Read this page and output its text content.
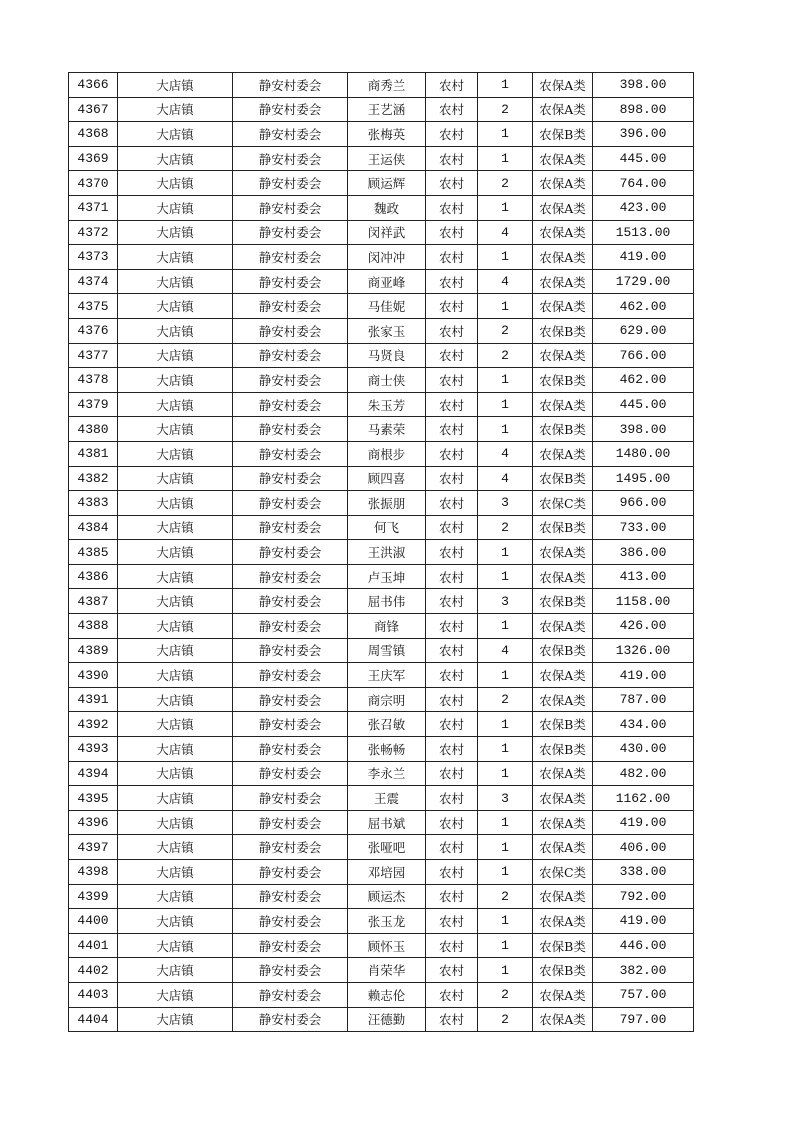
4366	大店镇	静安村委会	商秀兰	农村	1	农保A类	398.00
4367	大店镇	静安村委会	王艺涵	农村	2	农保A类	898.00
4368	大店镇	静安村委会	张梅英	农村	1	农保B类	396.00
4369	大店镇	静安村委会	王运侠	农村	1	农保A类	445.00
4370	大店镇	静安村委会	顾运辉	农村	2	农保A类	764.00
4371	大店镇	静安村委会	魏政	农村	1	农保A类	423.00
4372	大店镇	静安村委会	闵祥武	农村	4	农保A类	1513.00
4373	大店镇	静安村委会	闵冲冲	农村	1	农保A类	419.00
4374	大店镇	静安村委会	商亚峰	农村	4	农保A类	1729.00
4375	大店镇	静安村委会	马佳妮	农村	1	农保A类	462.00
4376	大店镇	静安村委会	张家玉	农村	2	农保B类	629.00
4377	大店镇	静安村委会	马贤良	农村	2	农保A类	766.00
4378	大店镇	静安村委会	商士侠	农村	1	农保B类	462.00
4379	大店镇	静安村委会	朱玉芳	农村	1	农保A类	445.00
4380	大店镇	静安村委会	马素荣	农村	1	农保B类	398.00
4381	大店镇	静安村委会	商根步	农村	4	农保A类	1480.00
4382	大店镇	静安村委会	顾四喜	农村	4	农保B类	1495.00
4383	大店镇	静安村委会	张振朋	农村	3	农保C类	966.00
4384	大店镇	静安村委会	何飞	农村	2	农保B类	733.00
4385	大店镇	静安村委会	王洪淑	农村	1	农保A类	386.00
4386	大店镇	静安村委会	卢玉坤	农村	1	农保A类	413.00
4387	大店镇	静安村委会	屈书伟	农村	3	农保B类	1158.00
4388	大店镇	静安村委会	商锋	农村	1	农保A类	426.00
4389	大店镇	静安村委会	周雪镇	农村	4	农保B类	1326.00
4390	大店镇	静安村委会	王庆军	农村	1	农保A类	419.00
4391	大店镇	静安村委会	商宗明	农村	2	农保A类	787.00
4392	大店镇	静安村委会	张召敏	农村	1	农保B类	434.00
4393	大店镇	静安村委会	张畅畅	农村	1	农保B类	430.00
4394	大店镇	静安村委会	李永兰	农村	1	农保A类	482.00
4395	大店镇	静安村委会	王震	农村	3	农保A类	1162.00
4396	大店镇	静安村委会	屈书斌	农村	1	农保A类	419.00
4397	大店镇	静安村委会	张哑吧	农村	1	农保A类	406.00
4398	大店镇	静安村委会	邓培园	农村	1	农保C类	338.00
4399	大店镇	静安村委会	顾运杰	农村	2	农保A类	792.00
4400	大店镇	静安村委会	张玉龙	农村	1	农保A类	419.00
4401	大店镇	静安村委会	顾怀玉	农村	1	农保B类	446.00
4402	大店镇	静安村委会	肖荣华	农村	1	农保B类	382.00
4403	大店镇	静安村委会	赖志伦	农村	2	农保A类	757.00
4404	大店镇	静安村委会	汪德勤	农村	2	农保A类	797.00
